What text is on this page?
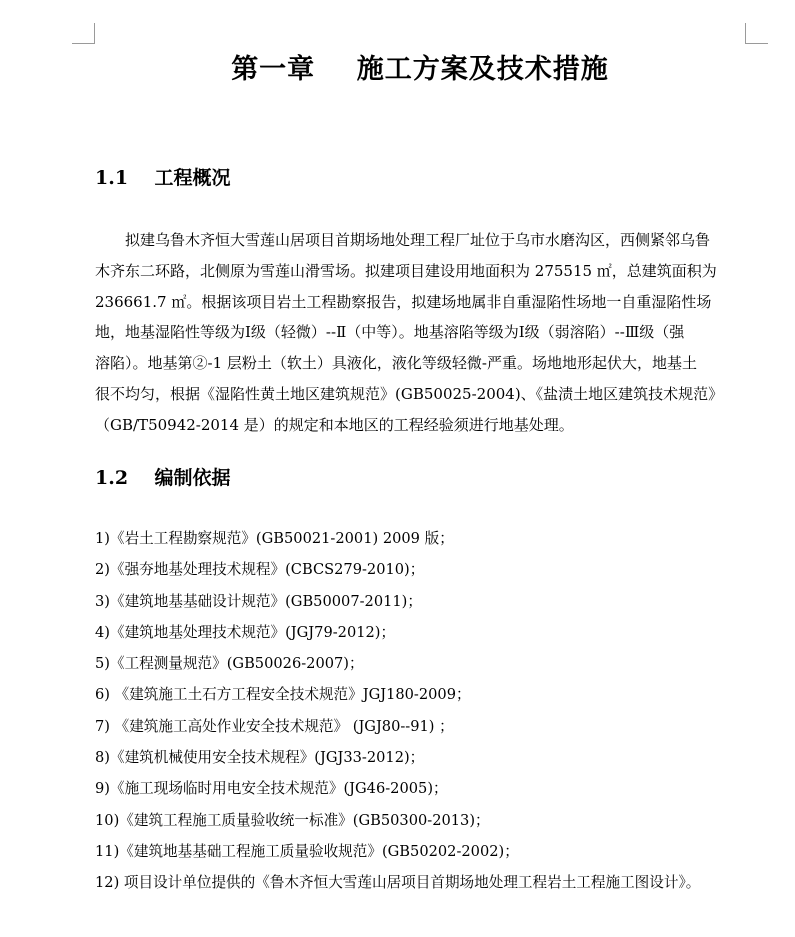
第一章    施工方案及技术措施
1.1    工程概况
拟建乌鲁木齐恒大雪莲山居项目首期场地处理工程厂址位于乌市水磨沟区，西侧紧邻乌鲁
木齐东二环路，北侧原为雪莲山滑雪场。拟建项目建设用地面积为 275515 ㎡，总建筑面积为
236661.7 ㎡。根据该项目岩土工程勘察报告，拟建场地属非自重湿陷性场地一自重湿陷性场
地，地基湿陷性等级为Ⅰ级（轻微）--Ⅱ（中等）。地基溶陷等级为Ⅰ级（弱溶陷）--Ⅲ级（强
溶陷）。地基第②-1 层粉土（软土）具液化，液化等级轻微-严重。场地地形起伏大，地基土
很不均匀，根据《湿陷性黄土地区建筑规范》(GB50025-2004)、《盐渍土地区建筑技术规范》
（GB/T50942-2014 是）的规定和本地区的工程经验须进行地基处理。
1.2    编制依据
1)《岩土工程勘察规范》(GB50021-2001) 2009 版；
2)《强夯地基处理技术规程》(CBCS279-2010)；
3)《建筑地基基础设计规范》(GB50007-2011)；
4)《建筑地基处理技术规范》(JGJ79-2012)；
5)《工程测量规范》(GB50026-2007)；
6) 《建筑施工土石方工程安全技术规范》JGJ180-2009；
7) 《建筑施工高处作业安全技术规范》 (JGJ80--91) ；
8)《建筑机械使用安全技术规程》(JGJ33-2012)；
9)《施工现场临时用电安全技术规范》(JG46-2005)；
10)《建筑工程施工质量验收统一标准》(GB50300-2013)；
11)《建筑地基基础工程施工质量验收规范》(GB50202-2002)；
12) 项目设计单位提供的《鲁木齐恒大雪莲山居项目首期场地处理工程岩土工程施工图设计》。
